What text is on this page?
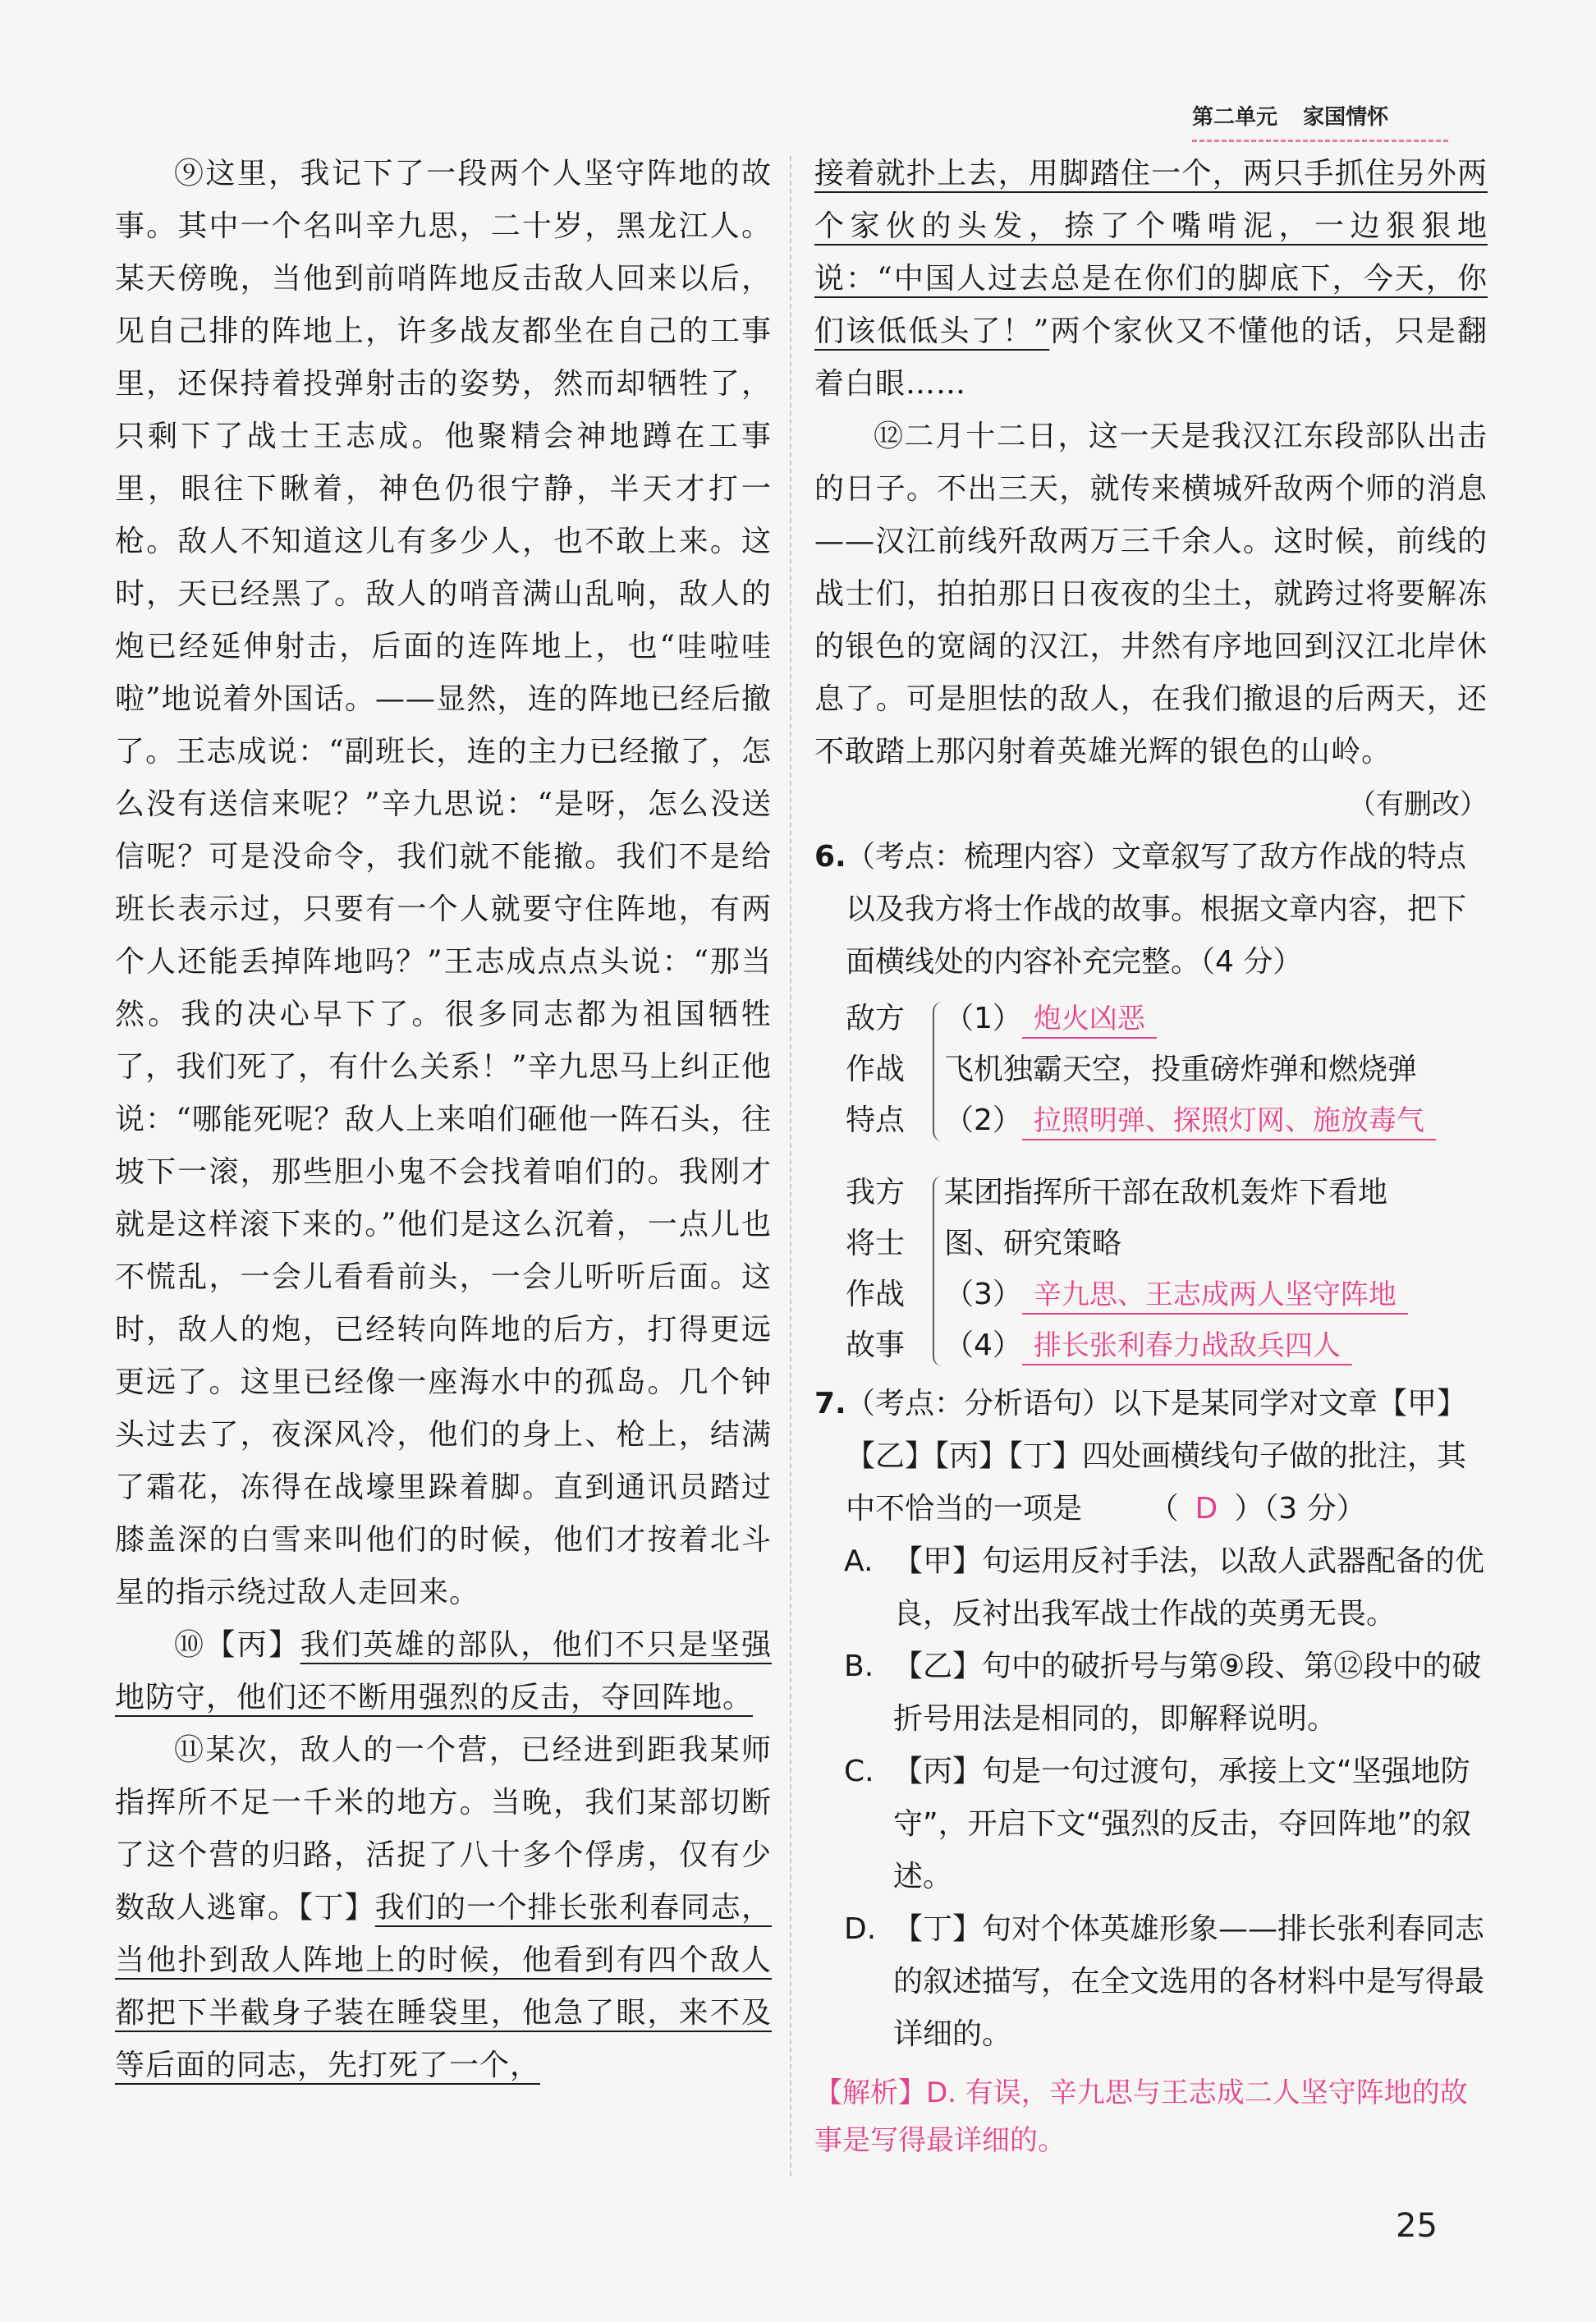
第二单元 家国情怀

⑨这里，我记下了一段两个人坚守阵地的故事。其中一个名叫辛九思，二十岁，黑龙江人。某天傍晚，当他到前哨阵地反击敌人回来以后，见自己排的阵地上，许多战友都坐在自己的工事里，还保持着投弹射击的姿势，然而却牺牲了，只剩下了战士王志成。他聚精会神地蹲在工事里，眼往下瞅着，神色仍很宁静，半天才打一枪。敌人不知道这儿有多少人，也不敢上来。这时，天已经黑了。敌人的哨音满山乱响，敌人的炮已经延伸射击，后面的连阵地上，也“哇啦哇啦”地说着外国话。——显然，连的阵地已经后撤了。王志成说：“副班长，连的主力已经撤了，怎么没有送信来呢？”辛九思说：“是呀，怎么没送信呢？可是没命令，我们就不能撤。我们不是给班长表示过，只要有一个人就要守住阵地，有两个人还能丢掉阵地吗？”王志成点点头说：“那当然。我的决心早下了。很多同志都为祖国牺牲了，我们死了，有什么关系！”辛九思马上纠正他说：“哪能死呢？敌人上来咱们砸他一阵石头，往坡下一滚，那些胆小鬼不会找着咱们的。我刚才就是这样滚下来的。”他们是这么沉着，一点儿也不慌乱，一会儿看看前头，一会儿听听后面。这时，敌人的炮，已经转向阵地的后方，打得更远更远了。这里已经像一座海水中的孤岛。几个钟头过去了，夜深风冷，他们的身上、枪上，结满了霜花，冻得在战壕里跺着脚。直到通讯员踏过膝盖深的白雪来叫他们的时候，他们才按着北斗星的指示绕过敌人走回来。

⑩【丙】我们英雄的部队，他们不只是坚强地防守，他们还不断用强烈的反击，夺回阵地。

⑪某次，敌人的一个营，已经进到距我某师指挥所不足一千米的地方。当晚，我们某部切断了这个营的归路，活捉了八十多个俘虏，仅有少数敌人逃窜。【丁】我们的一个排长张利春同志，当他扑到敌人阵地上的时候，他看到有四个敌人都把下半截身子装在睡袋里，他急了眼，来不及等后面的同志，先打死了一个，

接着就扑上去，用脚踏住一个，两只手抓住另外两个家伙的头发，捺了个嘴啃泥，一边狠狠地说：“中国人过去总是在你们的脚底下，今天，你们该低低头了！”两个家伙又不懂他的话，只是翻着白眼……

⑫二月十二日，这一天是我汉江东段部队出击的日子。不出三天，就传来横城歼敌两个师的消息——汉江前线歼敌两万三千余人。这时候，前线的战士们，拍拍那日日夜夜的尘土，就跨过将要解冻的银色的宽阔的汉江，井然有序地回到汉江北岸休息了。可是胆怯的敌人，在我们撤退的后两天，还不敢踏上那闪射着英雄光辉的银色的山岭。

（有删改）

6. （考点：梳理内容）文章叙写了敌方作战的特点以及我方将士作战的故事。根据文章内容，把下面横线处的内容补充完整。（4 分）

敌方
作战
特点
（1） 炮火凶恶
飞机独霸天空，投重磅炸弹和燃烧弹
（2） 拉照明弹、探照灯网、施放毒气
我方
将士
作战
故事
某团指挥所干部在敌机轰炸下看地
图、研究策略
（3） 辛九思、王志成两人坚守阵地
（4） 排长张利春力战敌兵四人

7. （考点：分析语句）以下是某同学对文章【甲】【乙】【丙】【丁】四处画横线句子做的批注，其中不恰当的一项是 （ D ）（3 分）

A. 【甲】句运用反衬手法，以敌人武器配备的优良，反衬出我军战士作战的英勇无畏。

B. 【乙】句中的破折号与第⑨段、第⑫段中的破折号用法是相同的，即解释说明。

C. 【丙】句是一句过渡句，承接上文“坚强地防守”，开启下文“强烈的反击，夺回阵地”的叙述。

D. 【丁】句对个体英雄形象——排长张利春同志的叙述描写，在全文选用的各材料中是写得最详细的。

【解析】D. 有误，辛九思与王志成二人坚守阵地的故事是写得最详细的。

25
